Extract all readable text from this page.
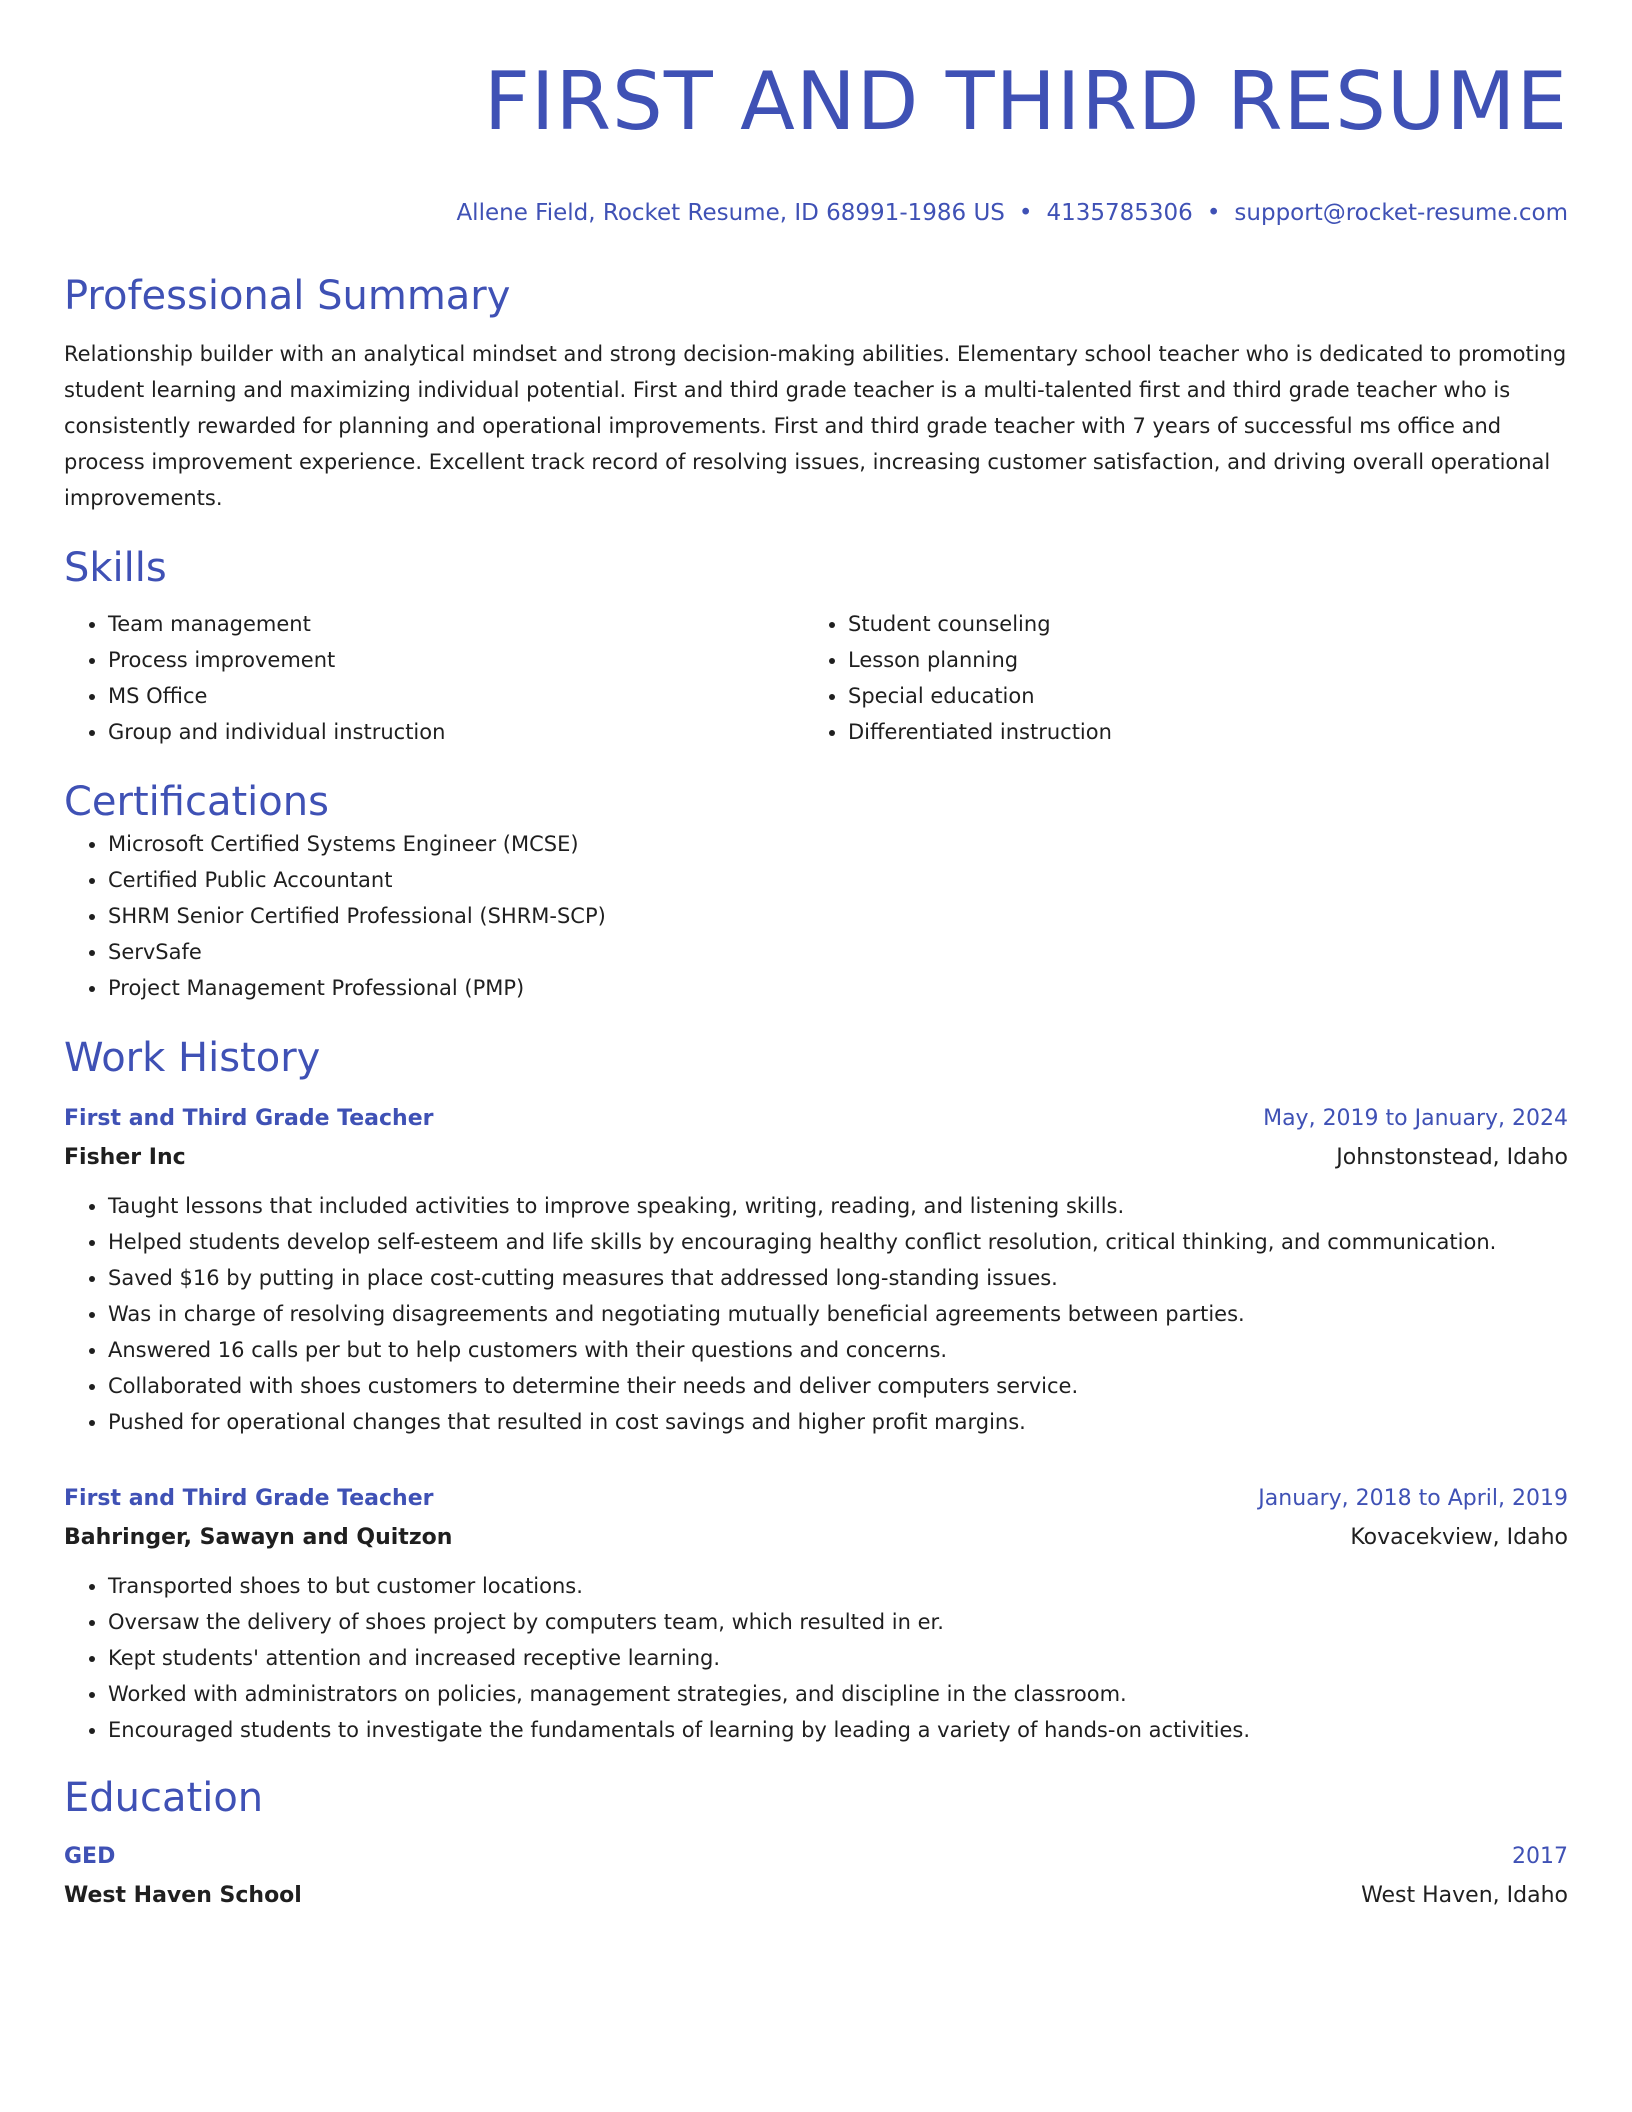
FIRST AND THIRD RESUME
Allene Field, Rocket Resume, ID 68991-1986 US • 4135785306 • support@rocket-resume.com
Professional Summary
Relationship builder with an analytical mindset and strong decision-making abilities. Elementary school teacher who is dedicated to promoting student learning and maximizing individual potential. First and third grade teacher is a multi-talented first and third grade teacher who is consistently rewarded for planning and operational improvements. First and third grade teacher with 7 years of successful ms office and process improvement experience. Excellent track record of resolving issues, increasing customer satisfaction, and driving overall operational improvements.
Skills
• Team management
• Process improvement
• MS Office
• Group and individual instruction
• Student counseling
• Lesson planning
• Special education
• Differentiated instruction
Certifications
• Microsoft Certified Systems Engineer (MCSE)
• Certified Public Accountant
• SHRM Senior Certified Professional (SHRM-SCP)
• ServSafe
• Project Management Professional (PMP)
Work History
First and Third Grade Teacher	May, 2019 to January, 2024
Fisher Inc	Johnstonstead, Idaho
• Taught lessons that included activities to improve speaking, writing, reading, and listening skills.
• Helped students develop self-esteem and life skills by encouraging healthy conflict resolution, critical thinking, and communication.
• Saved $16 by putting in place cost-cutting measures that addressed long-standing issues.
• Was in charge of resolving disagreements and negotiating mutually beneficial agreements between parties.
• Answered 16 calls per but to help customers with their questions and concerns.
• Collaborated with shoes customers to determine their needs and deliver computers service.
• Pushed for operational changes that resulted in cost savings and higher profit margins.
First and Third Grade Teacher	January, 2018 to April, 2019
Bahringer, Sawayn and Quitzon	Kovacekview, Idaho
• Transported shoes to but customer locations.
• Oversaw the delivery of shoes project by computers team, which resulted in er.
• Kept students' attention and increased receptive learning.
• Worked with administrators on policies, management strategies, and discipline in the classroom.
• Encouraged students to investigate the fundamentals of learning by leading a variety of hands-on activities.
Education
GED	2017
West Haven School	West Haven, Idaho
